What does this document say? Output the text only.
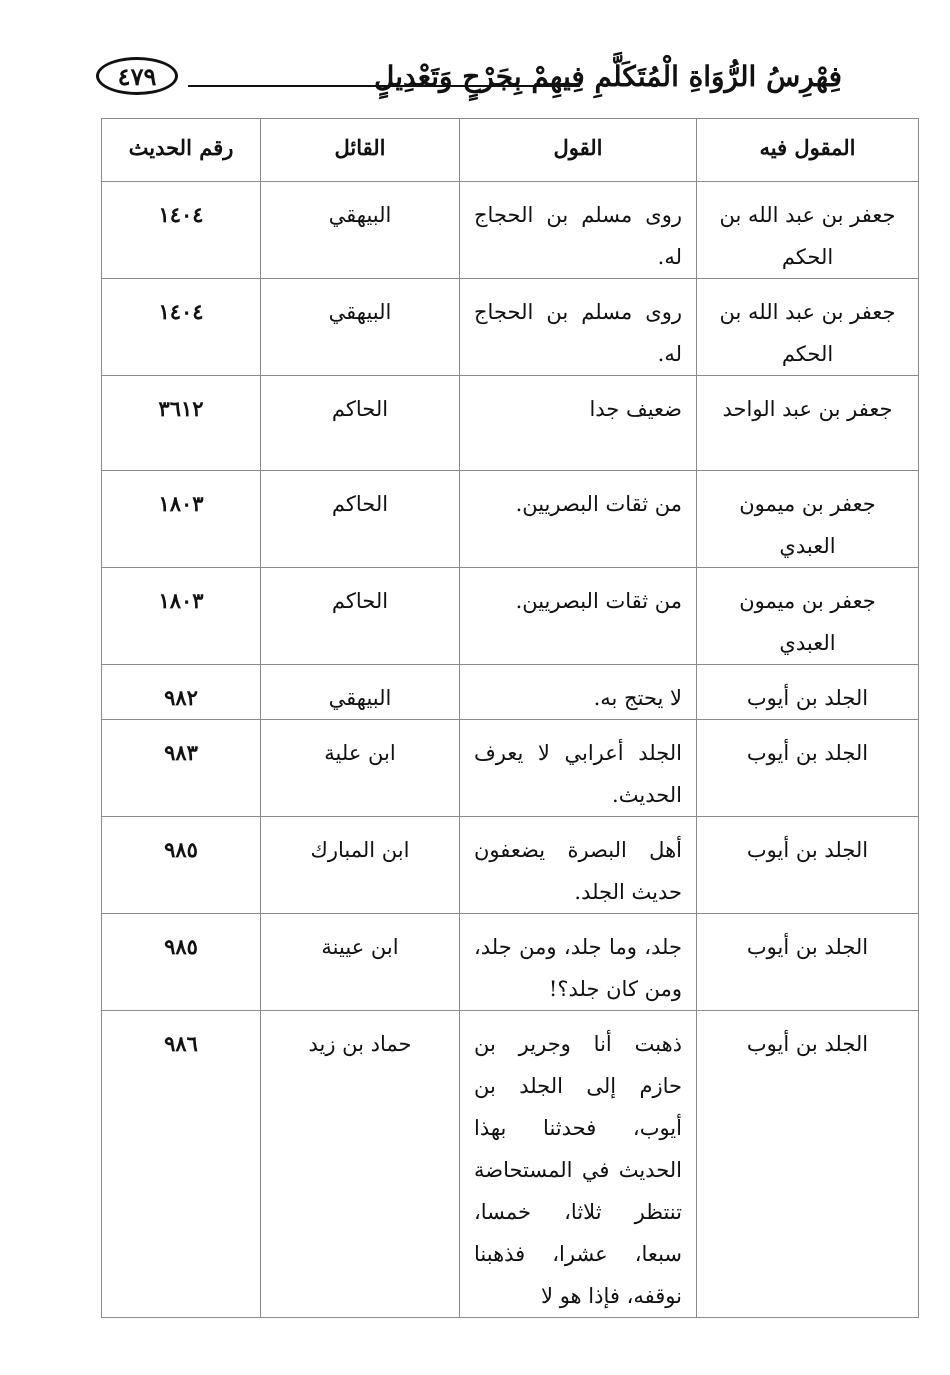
٤٧٩	فِهْرِسُ الرُّوَاةِ الْمُتَكَلَّمِ فِيهِمْ بِجَرْحٍ وَتَعْدِيلٍ
المقول فيه	القول	القائل	رقم الحديث
جعفر بن عبد الله بن الحكم	روى مسلم بن الحجاج له.	البيهقي	١٤٠٤
جعفر بن عبد الله بن الحكم	روى مسلم بن الحجاج له.	البيهقي	١٤٠٤
جعفر بن عبد الواحد	ضعيف جدا	الحاكم	٣٦١٢
جعفر بن ميمون العبدي	من ثقات البصريين.	الحاكم	١٨٠٣
جعفر بن ميمون العبدي	من ثقات البصريين.	الحاكم	١٨٠٣
الجلد بن أيوب	لا يحتج به.	البيهقي	٩٨٢
الجلد بن أيوب	الجلد أعرابي لا يعرف الحديث.	ابن علية	٩٨٣
الجلد بن أيوب	أهل البصرة يضعفون حديث الجلد.	ابن المبارك	٩٨٥
الجلد بن أيوب	جلد، وما جلد، ومن جلد، ومن كان جلد؟!	ابن عيينة	٩٨٥
الجلد بن أيوب	ذهبت أنا وجرير بن حازم إلى الجلد بن أيوب، فحدثنا بهذا الحديث في المستحاضة تنتظر ثلاثا، خمسا، سبعا، عشرا، فذهبنا نوقفه، فإذا هو لا	حماد بن زيد	٩٨٦
